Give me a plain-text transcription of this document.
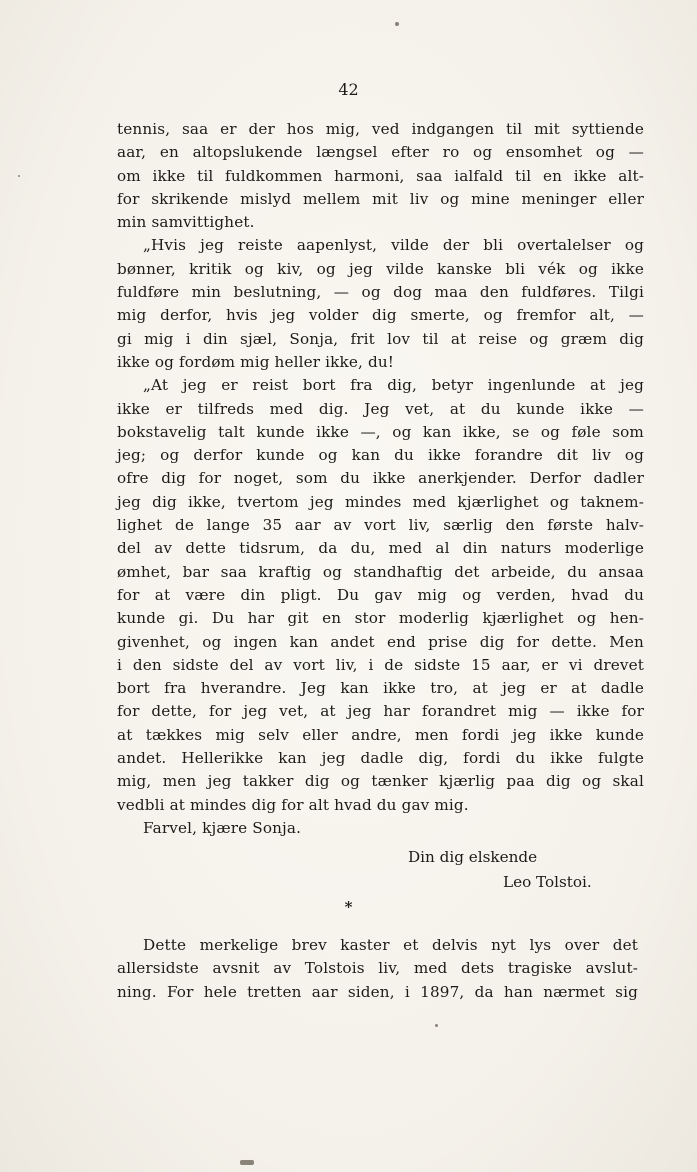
42
tennis, saa er der hos mig, ved indgangen til mit syttiende
aar, en altopslukende længsel efter ro og ensomhet og —
om ikke til fuldkommen harmoni, saa ialfald til en ikke alt-
for skrikende mislyd mellem mit liv og mine meninger eller
min samvittighet.
„Hvis jeg reiste aapenlyst, vilde der bli overtalelser og
bønner, kritik og kiv, og jeg vilde kanske bli vék og ikke
fuldføre min beslutning, — og dog maa den fuldføres. Tilgi
mig derfor, hvis jeg volder dig smerte, og fremfor alt, —
gi mig i din sjæl, Sonja, frit lov til at reise og græm dig
ikke og fordøm mig heller ikke, du!
„At jeg er reist bort fra dig, betyr ingenlunde at jeg
ikke er tilfreds med dig. Jeg vet, at du kunde ikke —
bokstavelig talt kunde ikke —, og kan ikke, se og føle som
jeg; og derfor kunde og kan du ikke forandre dit liv og
ofre dig for noget, som du ikke anerkjender. Derfor dadler
jeg dig ikke, tvertom jeg mindes med kjærlighet og taknem-
lighet de lange 35 aar av vort liv, særlig den første halv-
del av dette tidsrum, da du, med al din naturs moderlige
ømhet, bar saa kraftig og standhaftig det arbeide, du ansaa
for at være din pligt. Du gav mig og verden, hvad du
kunde gi. Du har git en stor moderlig kjærlighet og hen-
givenhet, og ingen kan andet end prise dig for dette. Men
i den sidste del av vort liv, i de sidste 15 aar, er vi drevet
bort fra hverandre. Jeg kan ikke tro, at jeg er at dadle
for dette, for jeg vet, at jeg har forandret mig — ikke for
at tækkes mig selv eller andre, men fordi jeg ikke kunde
andet. Hellerikke kan jeg dadle dig, fordi du ikke fulgte
mig, men jeg takker dig og tænker kjærlig paa dig og skal
vedbli at mindes dig for alt hvad du gav mig.
Farvel, kjære Sonja.
Din dig elskende
Leo Tolstoi.
*
Dette merkelige brev kaster et delvis nyt lys over det
allersidste avsnit av Tolstois liv, med dets tragiske avslut-
ning. For hele tretten aar siden, i 1897, da han nærmet sig
